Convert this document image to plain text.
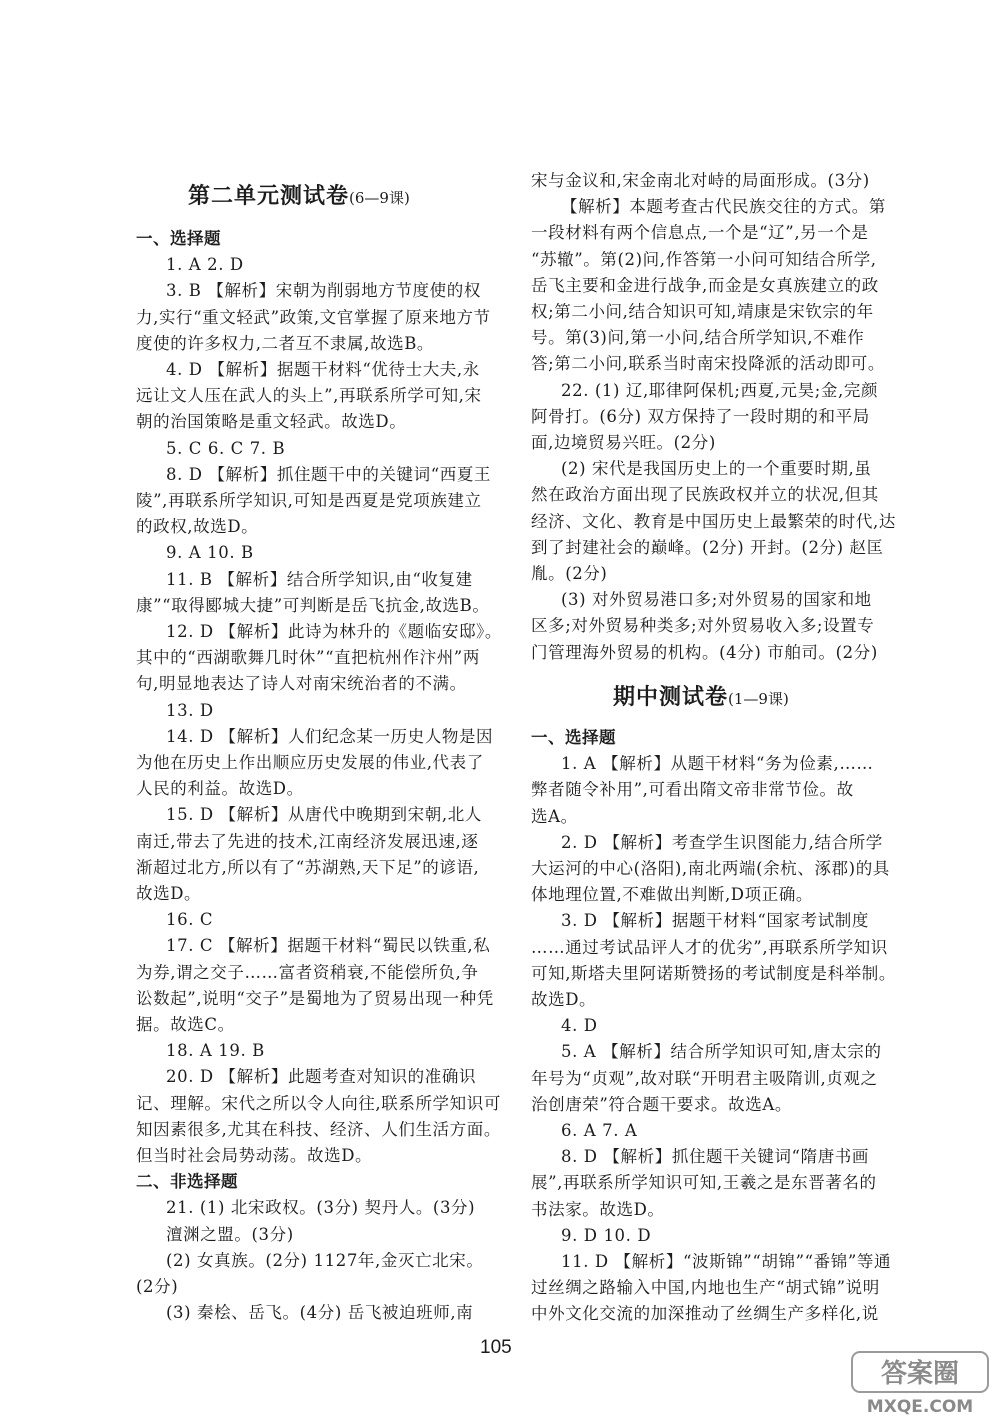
第二单元测试卷(6—9课)
一、选择题
1. A 2. D
3. B 【解析】宋朝为削弱地方节度使的权
力,实行“重文轻武”政策,文官掌握了原来地方节
度使的许多权力,二者互不隶属,故选B。
4. D 【解析】据题干材料“优待士大夫,永
远让文人压在武人的头上”,再联系所学可知,宋
朝的治国策略是重文轻武。故选D。
5. C 6. C 7. B
8. D 【解析】抓住题干中的关键词“西夏王
陵”,再联系所学知识,可知是西夏是党项族建立
的政权,故选D。
9. A 10. B
11. B 【解析】结合所学知识,由“收复建
康”“取得郾城大捷”可判断是岳飞抗金,故选B。
12. D 【解析】此诗为林升的《题临安邸》。
其中的“西湖歌舞几时休”“直把杭州作汴州”两
句,明显地表达了诗人对南宋统治者的不满。
13. D
14. D 【解析】人们纪念某一历史人物是因
为他在历史上作出顺应历史发展的伟业,代表了
人民的利益。故选D。
15. D 【解析】从唐代中晚期到宋朝,北人
南迁,带去了先进的技术,江南经济发展迅速,逐
渐超过北方,所以有了“苏湖熟,天下足”的谚语,
故选D。
16. C
17. C 【解析】据题干材料“蜀民以铁重,私
为券,谓之交子……富者资稍衰,不能偿所负,争
讼数起”,说明“交子”是蜀地为了贸易出现一种凭
据。故选C。
18. A 19. B
20. D 【解析】此题考查对知识的准确识
记、理解。宋代之所以令人向往,联系所学知识可
知因素很多,尤其在科技、经济、人们生活方面。
但当时社会局势动荡。故选D。
二、非选择题
21. (1) 北宋政权。(3分) 契丹人。(3分)
澶渊之盟。(3分)
(2) 女真族。(2分) 1127年,金灭亡北宋。
(2分)
(3) 秦桧、岳飞。(4分) 岳飞被迫班师,南
宋与金议和,宋金南北对峙的局面形成。(3分)
【解析】本题考查古代民族交往的方式。第
一段材料有两个信息点,一个是“辽”,另一个是
“苏辙”。第(2)问,作答第一小问可知结合所学,
岳飞主要和金进行战争,而金是女真族建立的政
权;第二小问,结合知识可知,靖康是宋钦宗的年
号。第(3)问,第一小问,结合所学知识,不难作
答;第二小问,联系当时南宋投降派的活动即可。
22. (1) 辽,耶律阿保机;西夏,元昊;金,完颜
阿骨打。(6分) 双方保持了一段时期的和平局
面,边境贸易兴旺。(2分)
(2) 宋代是我国历史上的一个重要时期,虽
然在政治方面出现了民族政权并立的状况,但其
经济、文化、教育是中国历史上最繁荣的时代,达
到了封建社会的巅峰。(2分) 开封。(2分) 赵匡
胤。(2分)
(3) 对外贸易港口多;对外贸易的国家和地
区多;对外贸易种类多;对外贸易收入多;设置专
门管理海外贸易的机构。(4分) 市舶司。(2分)
期中测试卷(1—9课)
一、选择题
1. A 【解析】从题干材料“务为俭素,……
弊者随令补用”,可看出隋文帝非常节俭。故
选A。
2. D 【解析】考查学生识图能力,结合所学
大运河的中心(洛阳),南北两端(余杭、涿郡)的具
体地理位置,不难做出判断,D项正确。
3. D 【解析】据题干材料“国家考试制度
……通过考试品评人才的优劣”,再联系所学知识
可知,斯塔夫里阿诺斯赞扬的考试制度是科举制。
故选D。
4. D
5. A 【解析】结合所学知识可知,唐太宗的
年号为“贞观”,故对联“开明君主吸隋训,贞观之
治创唐荣”符合题干要求。故选A。
6. A 7. A
8. D 【解析】抓住题干关键词“隋唐书画
展”,再联系所学知识可知,王羲之是东晋著名的
书法家。故选D。
9. D 10. D
11. D 【解析】“波斯锦”“胡锦”“番锦”等通
过丝绸之路输入中国,内地也生产“胡式锦”说明
中外文化交流的加深推动了丝绸生产多样化,说
105
答案圈
MXQE.COM
